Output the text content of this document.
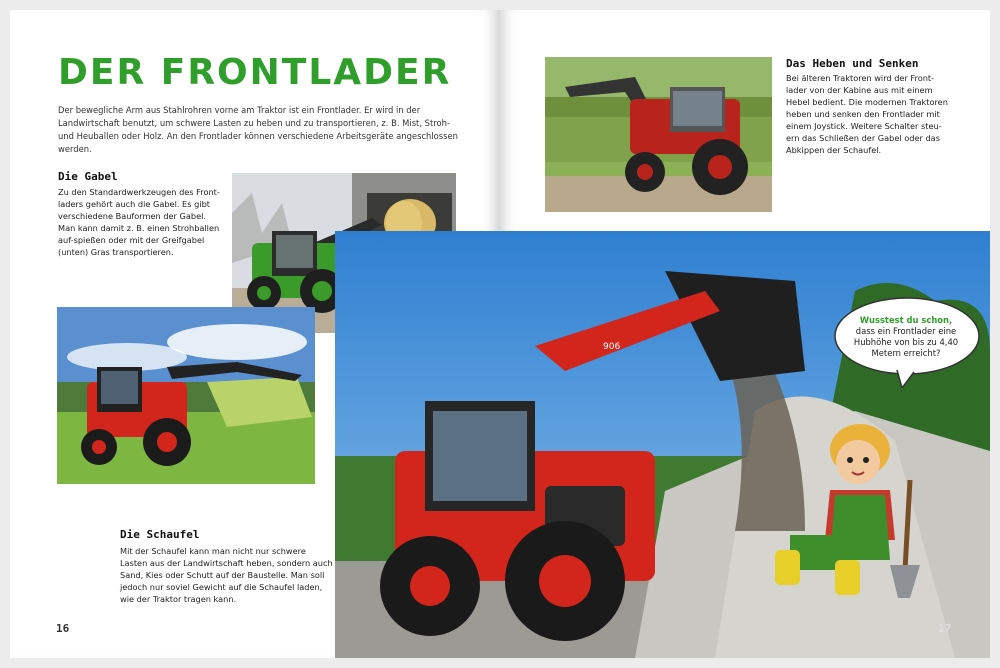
DER FRONTLADER
Der bewegliche Arm aus Stahlrohren vorne am Traktor ist ein Frontlader. Er wird in der Landwirtschaft benutzt, um schwere Lasten zu heben und zu transportieren, z. B. Mist, Stroh- und Heuballen oder Holz. An den Frontlader können verschiedene Arbeitsgeräte angeschlossen werden.
Die Gabel
Zu den Standardwerkzeugen des Front-laders gehört auch die Gabel. Es gibt verschiedene Bauformen der Gabel. Man kann damit z. B. einen Strohballen auf-spießen oder mit der Greifgabel (unten) Gras transportieren.
Die Schaufel
Mit der Schaufel kann man nicht nur schwere Lasten aus der Landwirtschaft heben, sondern auch Sand, Kies oder Schutt auf der Baustelle. Man soll jedoch nur soviel Gewicht auf die Schaufel laden, wie der Traktor tragen kann.
16
Das Heben und Senken
Bei älteren Traktoren wird der Front-lader von der Kabine aus mit einem Hebel bedient. Die modernen Traktoren heben und senken den Frontlader mit einem Joystick. Weitere Schalter steu-ern das Schließen der Gabel oder das Abkippen der Schaufel.
906
Wusstest du schon,
dass ein Frontlader eine Hubhöhe von bis zu 4,40 Metern erreicht?
17
